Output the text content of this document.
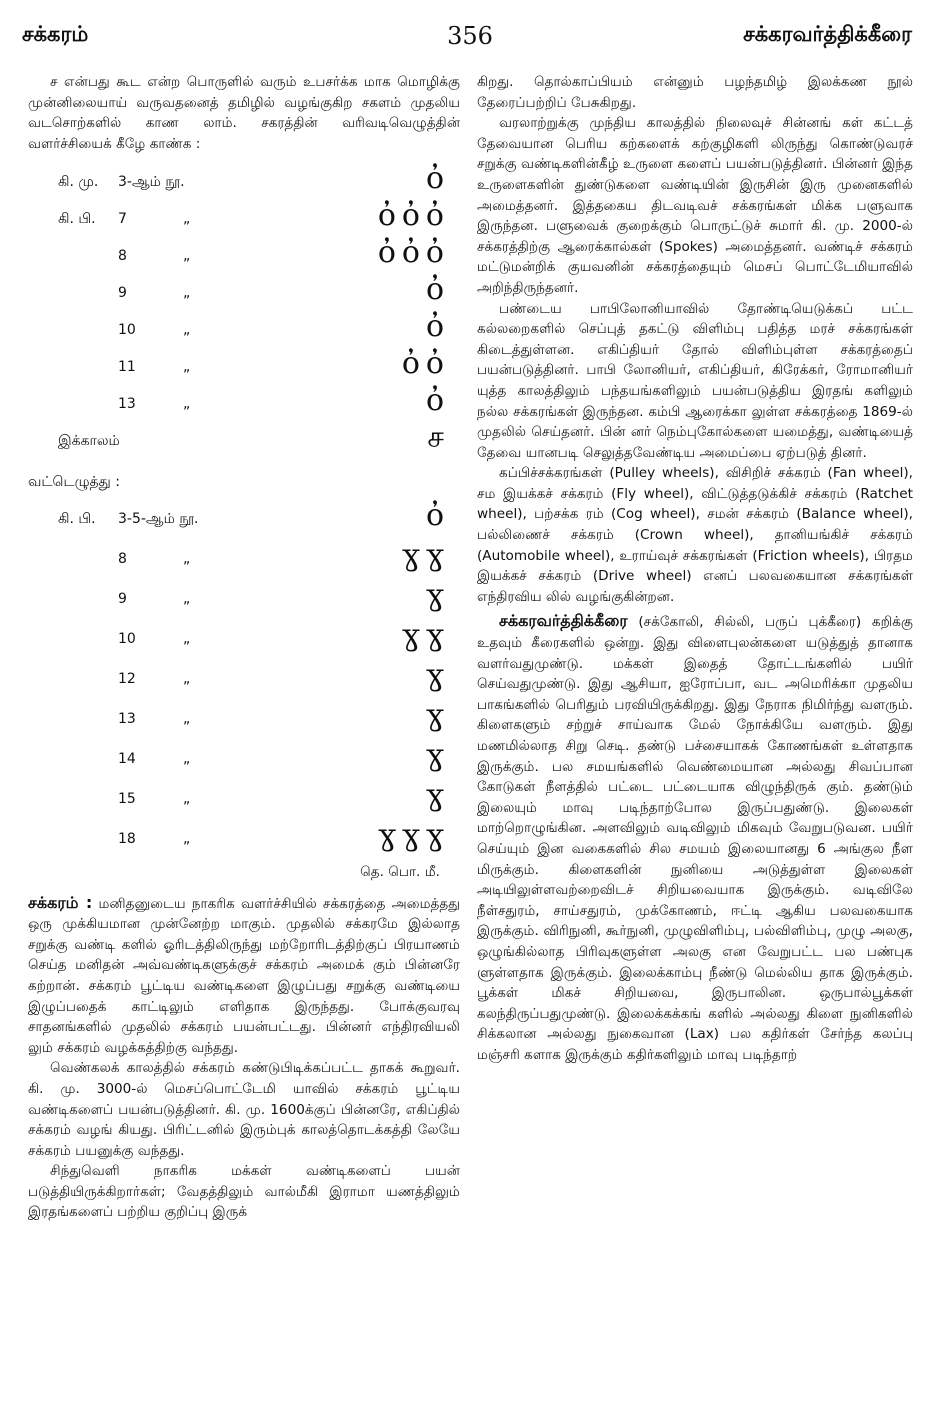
சக்கரம்	356	சக்கரவர்த்திக்கீரை

ச என்பது கூட என்ற பொருளில் வரும் உபசர்க்க மாக மொழிக்கு முன்னிலையாய் வருவதனைத் தமிழில் வழங்குகிற சகளம் முதலிய வடசொற்களில் காண லாம். சகரத்தின் வரிவடிவெழுத்தின் வளர்ச்சியைக் கீழே காண்க :

கி. மு. 3-ஆம் நூ.	ὀ
கி. பி. 7	„	ὀὀὀ
8	„	ὀὀὀ
9	„	ὀ
10	„	ὀ
11	„	ὀὀ
13	„	ὀ
இக்காலம்	ச
வட்டெழுத்து :
கி. பி. 3-5-ஆம் நூ.	ὀ
8	„	ɣɣ
9	„	ɣ
10	„	ɣɣ
12	„	ɣ
13	„	ɣ
14	„	ɣ
15	„	ɣ
18	„	ɣɣɣ
தெ. பொ. மீ.

சக்கரம் : மனிதனுடைய நாகரிக வளர்ச்சியில் சக்கரத்தை அமைத்தது ஒரு முக்கியமான முன்னேற்ற மாகும். முதலில் சக்கரமே இல்லாத சறுக்கு வண்டி களில் ஓரிடத்திலிருந்து மற்றோரிடத்திற்குப் பிரயாணம் செய்த மனிதன் அவ்வண்டிகளுக்குச் சக்கரம் அமைக் கும் பின்னரே கற்றான். சக்கரம் பூட்டிய வண்டிகளை இழுப்பது சறுக்கு வண்டியை இழுப்பதைக் காட்டிலும் எளிதாக இருந்தது. போக்குவரவு சாதனங்களில் முதலில் சக்கரம் பயன்பட்டது. பின்னர் எந்திரவியலி லும் சக்கரம் வழக்கத்திற்கு வந்தது.

வெண்கலக் காலத்தில் சக்கரம் கண்டுபிடிக்கப்பட்ட தாகக் கூறுவர். கி. மு. 3000-ல் மெசப்பொட்டேமி யாவில் சக்கரம் பூட்டிய வண்டிகளைப் பயன்படுத்தினர். கி. மு. 1600க்குப் பின்னரே, எகிப்தில் சக்கரம் வழங் கியது. பிரிட்டனில் இரும்புக் காலத்தொடக்கத்தி லேயே சக்கரம் பயனுக்கு வந்தது.

சிந்துவெளி நாகரிக மக்கள் வண்டிகளைப் பயன் படுத்தியிருக்கிறார்கள்; வேதத்திலும் வால்மீகி இராமா யணத்திலும் இரதங்களைப் பற்றிய குறிப்பு இருக்

கிறது. தொல்காப்பியம் என்னும் பழந்தமிழ் இலக்கண நூல் தேரைப்பற்றிப் பேசுகிறது.

வரலாற்றுக்கு முந்திய காலத்தில் நிலைவுச் சின்னங் கள் கட்டத் தேவையான பெரிய கற்களைக் கற்குழிகளி லிருந்து கொண்டுவரச் சறுக்கு வண்டிகளின்கீழ் உருளை களைப் பயன்படுத்தினர். பின்னர் இந்த உருளைகளின் துண்டுகளை வண்டியின் இருசின் இரு முனைகளில் அமைத்தனர். இத்தகைய திடவடிவச் சக்கரங்கள் மிக்க பளுவாக இருந்தன. பளுவைக் குறைக்கும் பொருட்டுச் சுமார் கி. மு. 2000-ல் சக்கரத்திற்கு ஆரைக்கால்கள் (Spokes) அமைத்தனர். வண்டிச் சக்கரம் மட்டுமன்றிக் குயவனின் சக்கரத்தையும் மெசப் பொட்டேமியாவில் அறிந்திருந்தனர்.

பண்டைய பாபிலோனியாவில் தோண்டியெடுக்கப் பட்ட கல்லறைகளில் செப்புத் தகட்டு விளிம்பு பதித்த மரச் சக்கரங்கள் கிடைத்துள்ளன. எகிப்தியர் தோல் விளிம்புள்ள சக்கரத்தைப் பயன்படுத்தினர். பாபி லோனியர், எகிப்தியர், கிரேக்கர், ரோமானியர் யுத்த காலத்திலும் பந்தயங்களிலும் பயன்படுத்திய இரதங் களிலும் நல்ல சக்கரங்கள் இருந்தன. கம்பி ஆரைக்கா லுள்ள சக்கரத்தை 1869-ல் முதலில் செய்தனர். பின் னர் நெம்புகோல்களை யமைத்து, வண்டியைத் தேவை யானபடி செலுத்தவேண்டிய அமைப்பை ஏற்படுத் தினர்.

கப்பிச்சக்கரங்கள் (Pulley wheels), விசிறிச் சக்கரம் (Fan wheel), சம இயக்கச் சக்கரம் (Fly wheel), விட்டுத்தடுக்கிச் சக்கரம் (Ratchet wheel), பற்சக்க ரம் (Cog wheel), சமன் சக்கரம் (Balance wheel), பல்லிணைச் சக்கரம் (Crown wheel), தானியங்கிச் சக்கரம் (Automobile wheel), உராய்வுச் சக்கரங்கள் (Friction wheels), பிரதம இயக்கச் சக்கரம் (Drive wheel) எனப் பலவகையான சக்கரங்கள் எந்திரவிய லில் வழங்குகின்றன.

சக்கரவர்த்திக்கீரை (சக்கோலி, சில்லி, பருப் புக்கீரை) கறிக்கு உதவும் கீரைகளில் ஒன்று. இது விளைபுலன்களை யடுத்துத் தானாக வளர்வதுமுண்டு. மக்கள் இதைத் தோட்டங்களில் பயிர் செய்வதுமுண்டு. இது ஆசியா, ஐரோப்பா, வட அமெரிக்கா முதலிய பாகங்களில் பெரிதும் பரவியிருக்கிறது. இது நேராக நிமிர்ந்து வளரும். கிளைகளும் சற்றுச் சாய்வாக மேல் நோக்கியே வளரும். இது மணமில்லாத சிறு செடி. தண்டு பச்சையாகக் கோணங்கள் உள்ளதாக இருக்கும். பல சமயங்களில் வெண்மையான அல்லது சிவப்பான கோடுகள் நீளத்தில் பட்டை பட்டையாக விழுந்திருக் கும். தண்டும் இலையும் மாவு படிந்தாற்போல இருப்பதுண்டு. இலைகள் மாற்றொழுங்கின. அளவிலும் வடிவிலும் மிகவும் வேறுபடுவன. பயிர் செய்யும் இன வகைகளில் சில சமயம் இலையானது 6 அங்குல நீள மிருக்கும். கிளைகளின் நுனியை அடுத்துள்ள இலைகள் அடியிலுள்ளவற்றைவிடச் சிறியவையாக இருக்கும். வடிவிலே நீள்சதுரம், சாய்சதுரம், முக்கோணம், ஈட்டி ஆகிய பலவகையாக இருக்கும். விரிநுனி, கூர்நுனி, முழுவிளிம்பு, பல்விளிம்பு, முழு அலகு, ஒழுங்கில்லாத பிரிவுகளுள்ள அலகு என வேறுபட்ட பல பண்புக ளுள்ளதாக இருக்கும். இலைக்காம்பு நீண்டு மெல்லிய தாக இருக்கும். பூக்கள் மிகச் சிறியவை, இருபாலின. ஒருபால்பூக்கள் கலந்திருப்பதுமுண்டு. இலைக்கக்கங் களில் அல்லது கிளை நுனிகளில் சிக்கலான அல்லது நுகைவான (Lax) பல கதிர்கள் சேர்ந்த கலப்பு மஞ்சரி களாக இருக்கும் கதிர்களிலும் மாவு படிந்தாற்
